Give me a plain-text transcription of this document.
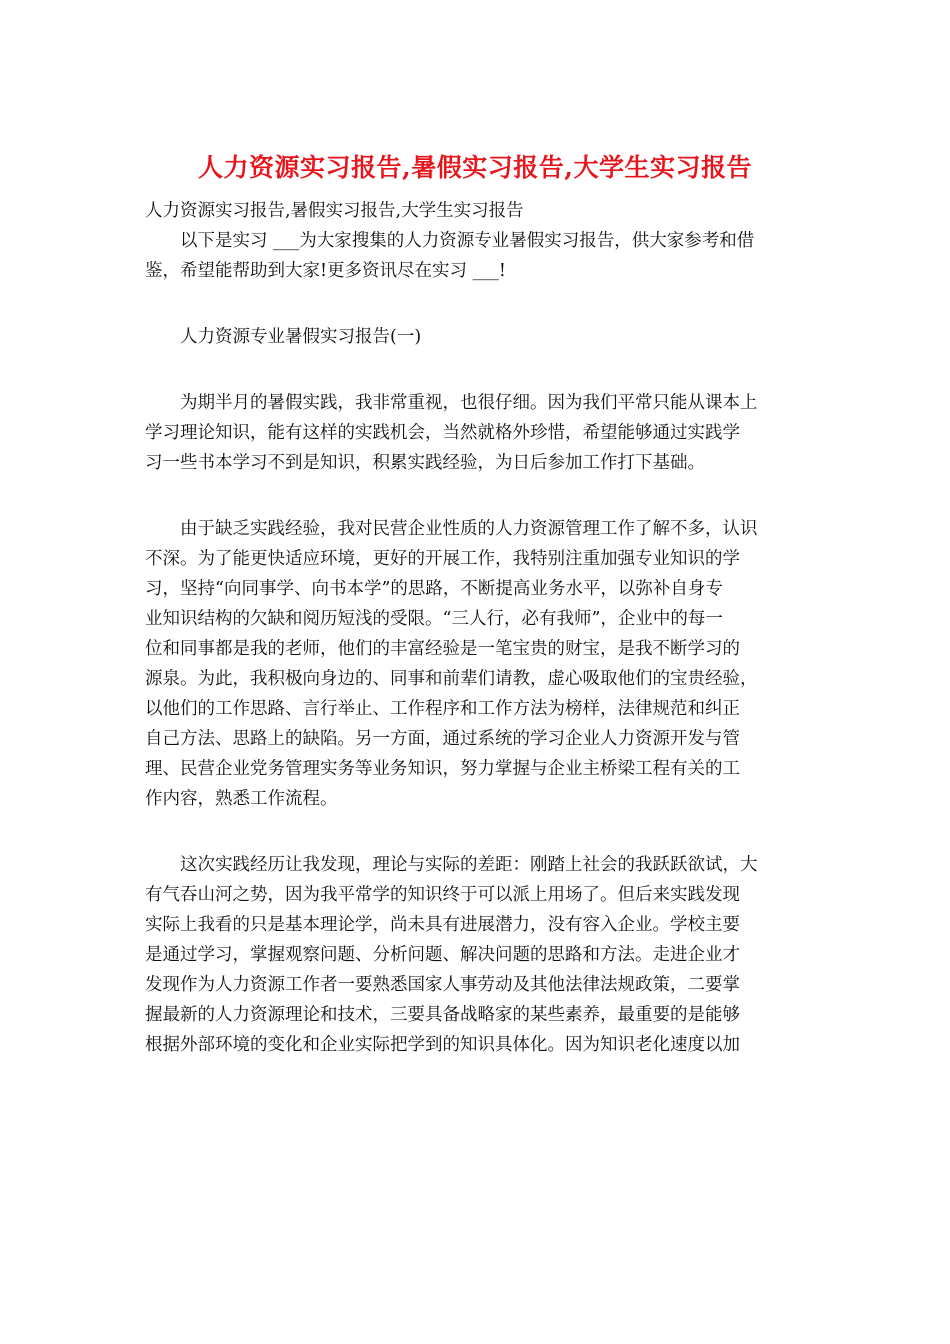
人力资源实习报告,暑假实习报告,大学生实习报告

人力资源实习报告,暑假实习报告,大学生实习报告

以下是实习 ___为大家搜集的人力资源专业暑假实习报告，供大家参考和借
鉴，希望能帮助到大家!更多资讯尽在实习 ___!

人力资源专业暑假实习报告(一)

为期半月的暑假实践，我非常重视，也很仔细。因为我们平常只能从课本上
学习理论知识，能有这样的实践机会，当然就格外珍惜，希望能够通过实践学
习一些书本学习不到是知识，积累实践经验，为日后参加工作打下基础。

由于缺乏实践经验，我对民营企业性质的人力资源管理工作了解不多，认识
不深。为了能更快适应环境，更好的开展工作，我特别注重加强专业知识的学
习，坚持“向同事学、向书本学”的思路，不断提高业务水平，以弥补自身专
业知识结构的欠缺和阅历短浅的受限。“三人行，必有我师”，企业中的每一
位和同事都是我的老师，他们的丰富经验是一笔宝贵的财宝，是我不断学习的
源泉。为此，我积极向身边的、同事和前辈们请教，虚心吸取他们的宝贵经验，
以他们的工作思路、言行举止、工作程序和工作方法为榜样，法律规范和纠正
自己方法、思路上的缺陷。另一方面，通过系统的学习企业人力资源开发与管
理、民营企业党务管理实务等业务知识，努力掌握与企业主桥梁工程有关的工
作内容，熟悉工作流程。

这次实践经历让我发现，理论与实际的差距：刚踏上社会的我跃跃欲试，大
有气吞山河之势，因为我平常学的知识终于可以派上用场了。但后来实践发现
实际上我看的只是基本理论学，尚未具有进展潜力，没有容入企业。学校主要
是通过学习，掌握观察问题、分析问题、解决问题的思路和方法。走进企业才
发现作为人力资源工作者一要熟悉国家人事劳动及其他法律法规政策，二要掌
握最新的人力资源理论和技术，三要具备战略家的某些素养，最重要的是能够
根据外部环境的变化和企业实际把学到的知识具体化。因为知识老化速度以加
